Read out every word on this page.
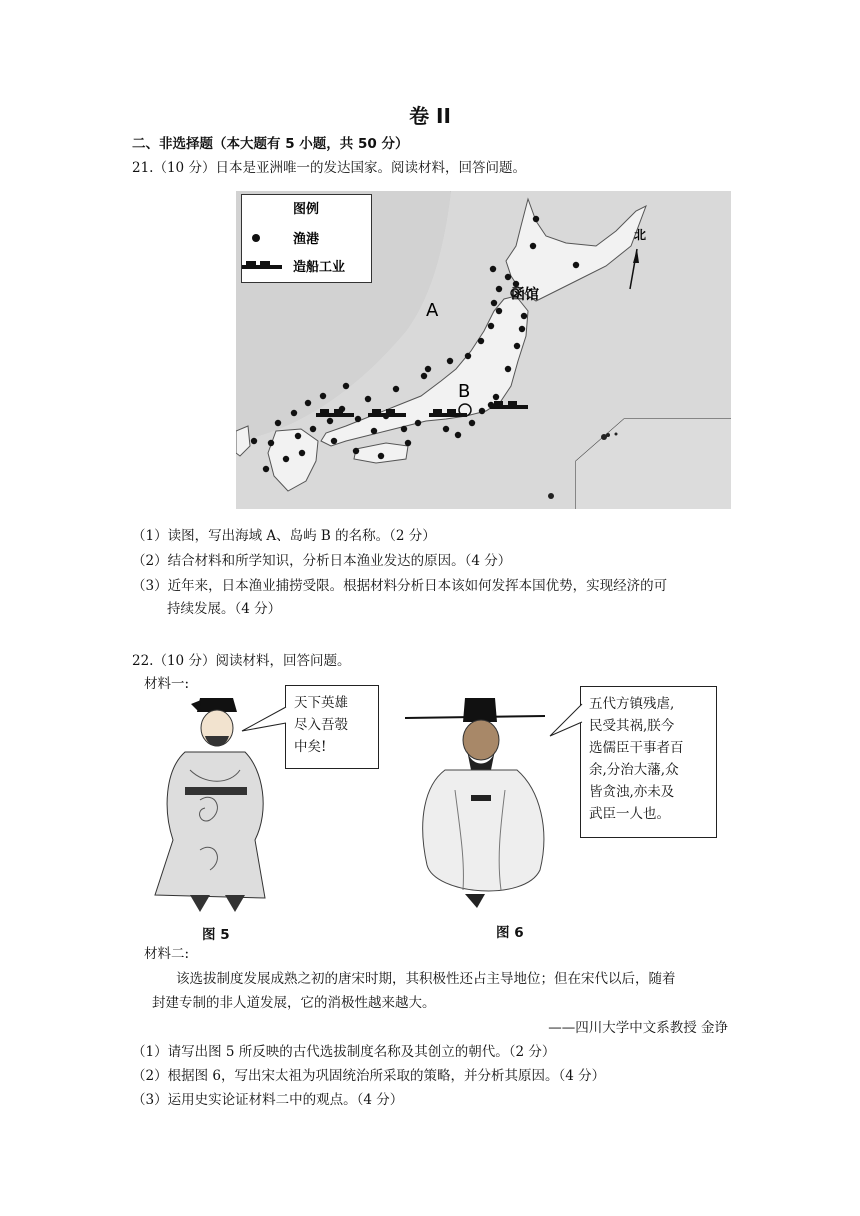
卷 II
二、非选择题（本大题有 5 小题，共 50 分）
21.（10 分）日本是亚洲唯一的发达国家。阅读材料，回答问题。
图例
渔港
造船工业
北
A
B
函馆
（1）读图，写出海域 A、岛屿 B 的名称。（2 分）
（2）结合材料和所学知识，分析日本渔业发达的原因。（4 分）
（3）近年来，日本渔业捕捞受限。根据材料分析日本该如何发挥本国优势，实现经济的可
持续发展。（4 分）
22.（10 分）阅读材料，回答问题。
材料一:
天下英雄
尽入吾彀
中矣!
五代方镇残虐,
民受其祸,朕今
选儒臣干事者百
余,分治大藩,众
皆贪浊,亦未及
武臣一人也。
图 5	图 6
材料二:
该选拔制度发展成熟之初的唐宋时期，其积极性还占主导地位；但在宋代以后，随着
封建专制的非人道发展，它的消极性越来越大。
——四川大学中文系教授 金诤
（1）请写出图 5 所反映的古代选拔制度名称及其创立的朝代。（2 分）
（2）根据图 6，写出宋太祖为巩固统治所采取的策略，并分析其原因。（4 分）
（3）运用史实论证材料二中的观点。（4 分）
